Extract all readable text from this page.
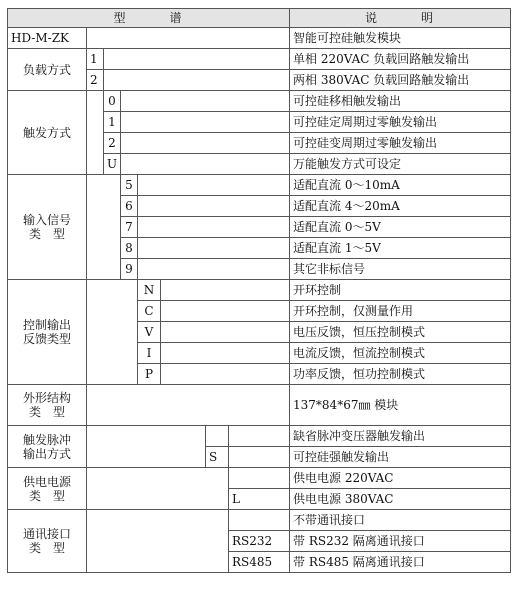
型　　　谱								说　　　明
HD-M-ZK								智能可控硅触发模块
负载方式	1							单相 220VAC 负载回路触发输出
	2							两相 380VAC 负载回路触发输出
触发方式		0						可控硅移相触发输出
		1						可控硅定周期过零触发输出
		2						可控硅变周期过零触发输出
		U						万能触发方式可设定

输入信号
类　型			5					适配直流 0～10mA
			6					适配直流 4～20mA
			7					适配直流 0～5V
			8					适配直流 1～5V
			9					其它非标信号

控制输出
反馈类型				N				开环控制
				C				开环控制，仅测量作用
				V				电压反馈，恒压控制模式
				I				电流反馈，恒流控制模式
				P				功率反馈，恒功控制模式

外形结构
类　型								137*84*67㎜ 模块

触发脉冲
输出方式								缺省脉冲变压器触发输出
						S		可控硅强触发输出

供电电源
类　型								供电电源 220VAC
							L	供电电源 380VAC

通讯接口
类　型								不带通讯接口
							RS232	带 RS232 隔离通讯接口
							RS485	带 RS485 隔离通讯接口
